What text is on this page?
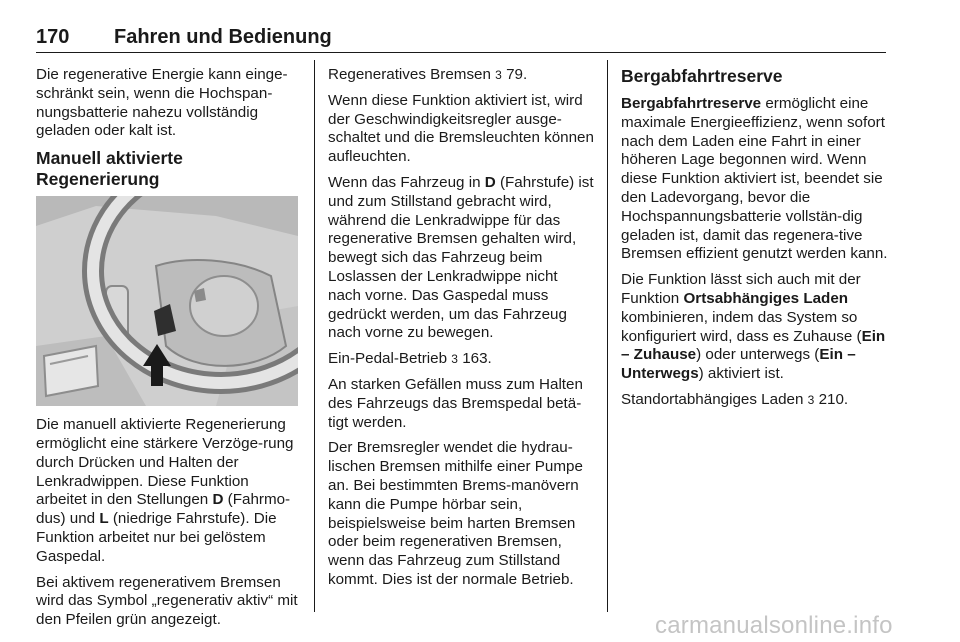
170 Fahren und Bedienung

Die regenerative Energie kann einge-schränkt sein, wenn die Hochspan-nungsbatterie nahezu vollständig geladen oder kalt ist.

Manuell aktivierte Regenerierung

Die manuell aktivierte Regenerierung ermöglicht eine stärkere Verzöge-rung durch Drücken und Halten der Lenkradwippen. Diese Funktion arbeitet in den Stellungen D (Fahrmo-dus) und L (niedrige Fahrstufe). Die Funktion arbeitet nur bei gelöstem Gaspedal.

Bei aktivem regenerativem Bremsen wird das Symbol „regenerativ aktiv“ mit den Pfeilen grün angezeigt.

Regeneratives Bremsen 3 79.

Wenn diese Funktion aktiviert ist, wird der Geschwindigkeitsregler ausge-schaltet und die Bremsleuchten können aufleuchten.

Wenn das Fahrzeug in D (Fahrstufe) ist und zum Stillstand gebracht wird, während die Lenkradwippe für das regenerative Bremsen gehalten wird, bewegt sich das Fahrzeug beim Loslassen der Lenkradwippe nicht nach vorne. Das Gaspedal muss gedrückt werden, um das Fahrzeug nach vorne zu bewegen.

Ein-Pedal-Betrieb 3 163.

An starken Gefällen muss zum Halten des Fahrzeugs das Bremspedal betä-tigt werden.

Der Bremsregler wendet die hydrau-lischen Bremsen mithilfe einer Pumpe an. Bei bestimmten Brems-manövern kann die Pumpe hörbar sein, beispielsweise beim harten Bremsen oder beim regenerativen Bremsen, wenn das Fahrzeug zum Stillstand kommt. Dies ist der normale Betrieb.

Bergabfahrtreserve

Bergabfahrtreserve ermöglicht eine maximale Energieeffizienz, wenn sofort nach dem Laden eine Fahrt in einer höheren Lage begonnen wird. Wenn diese Funktion aktiviert ist, beendet sie den Ladevorgang, bevor die Hochspannungsbatterie vollstän-dig geladen ist, damit das regenera-tive Bremsen effizient genutzt werden kann.

Die Funktion lässt sich auch mit der Funktion Ortsabhängiges Laden kombinieren, indem das System so konfiguriert wird, dass es Zuhause (Ein – Zuhause) oder unterwegs (Ein – Unterwegs) aktiviert ist.

Standortabhängiges Laden 3 210.

carmanualsonline.info
